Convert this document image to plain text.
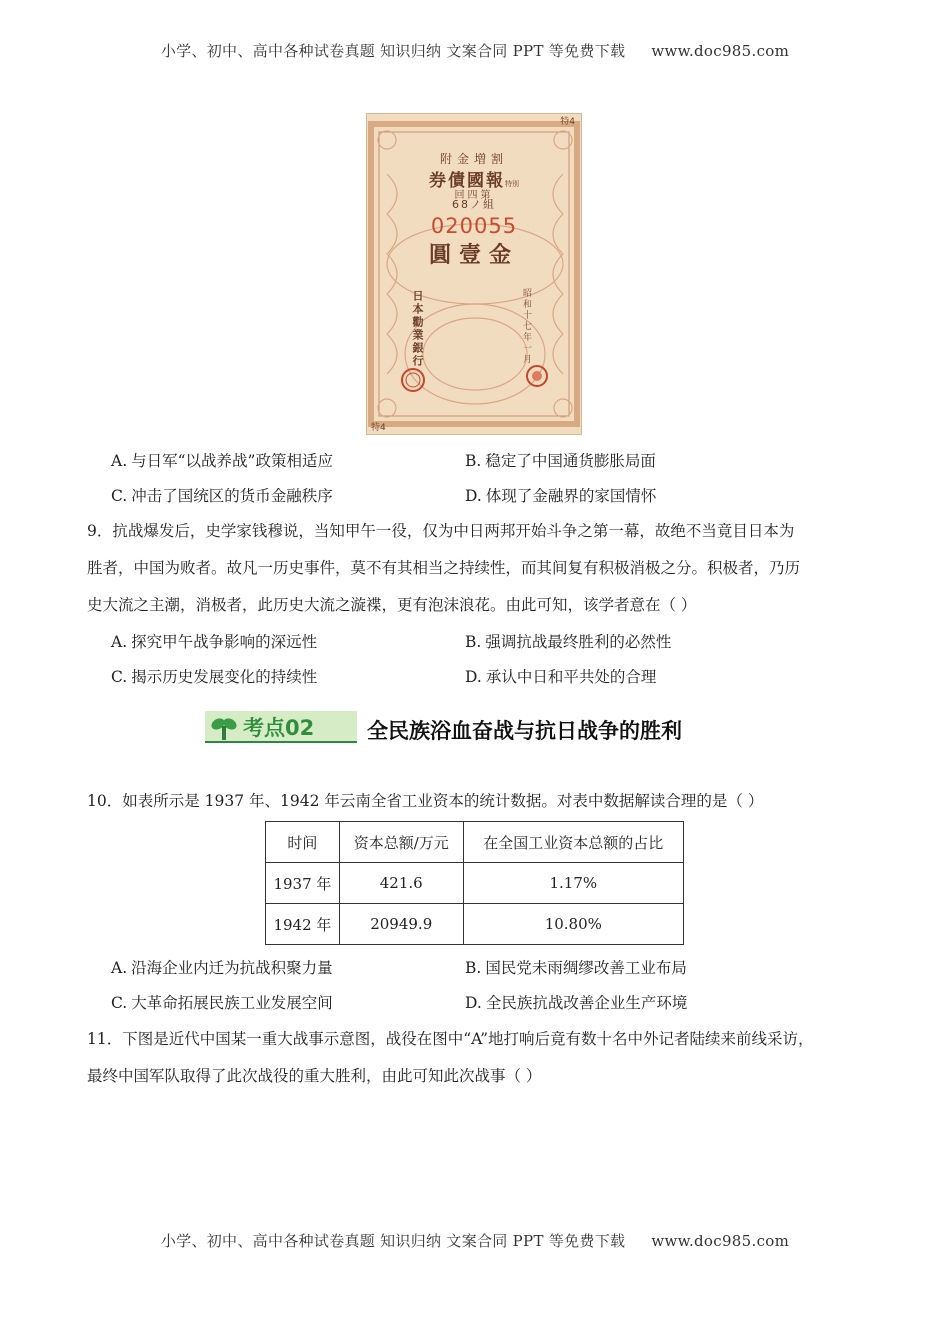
小学、初中、高中各种试卷真题 知识归纳 文案合同 PPT 等免费下载 www.doc985.com
特4
附金増割
券債國報特別
回四第
68ノ組
020055
圓壹金
日本勸業銀行	昭和十七年一月
特4
A. 与日军“以战养战”政策相适应	B. 稳定了中国通货膨胀局面
C. 冲击了国统区的货币金融秩序	D. 体现了金融界的家国情怀
9．抗战爆发后，史学家钱穆说，当知甲午一役，仅为中日两邦开始斗争之第一幕，故绝不当竟目日本为
胜者，中国为败者。故凡一历史事件，莫不有其相当之持续性，而其间复有积极消极之分。积极者，乃历
史大流之主潮，消极者，此历史大流之漩褋，更有泡沫浪花。由此可知，该学者意在（ ）
A. 探究甲午战争影响的深远性	B. 强调抗战最终胜利的必然性
C. 揭示历史发展变化的持续性	D. 承认中日和平共处的合理
考点02	全民族浴血奋战与抗日战争的胜利
10．如表所示是 1937 年、1942 年云南全省工业资本的统计数据。对表中数据解读合理的是（ ）
时间	资本总额/万元	在全国工业资本总额的占比
1937 年	421.6	1.17%
1942 年	20949.9	10.80%
A. 沿海企业内迁为抗战积聚力量	B. 国民党未雨绸缪改善工业布局
C. 大革命拓展民族工业发展空间	D. 全民族抗战改善企业生产环境
11．下图是近代中国某一重大战事示意图，战役在图中“A”地打响后竟有数十名中外记者陆续来前线采访，
最终中国军队取得了此次战役的重大胜利，由此可知此次战事（ ）
小学、初中、高中各种试卷真题 知识归纳 文案合同 PPT 等免费下载 www.doc985.com
